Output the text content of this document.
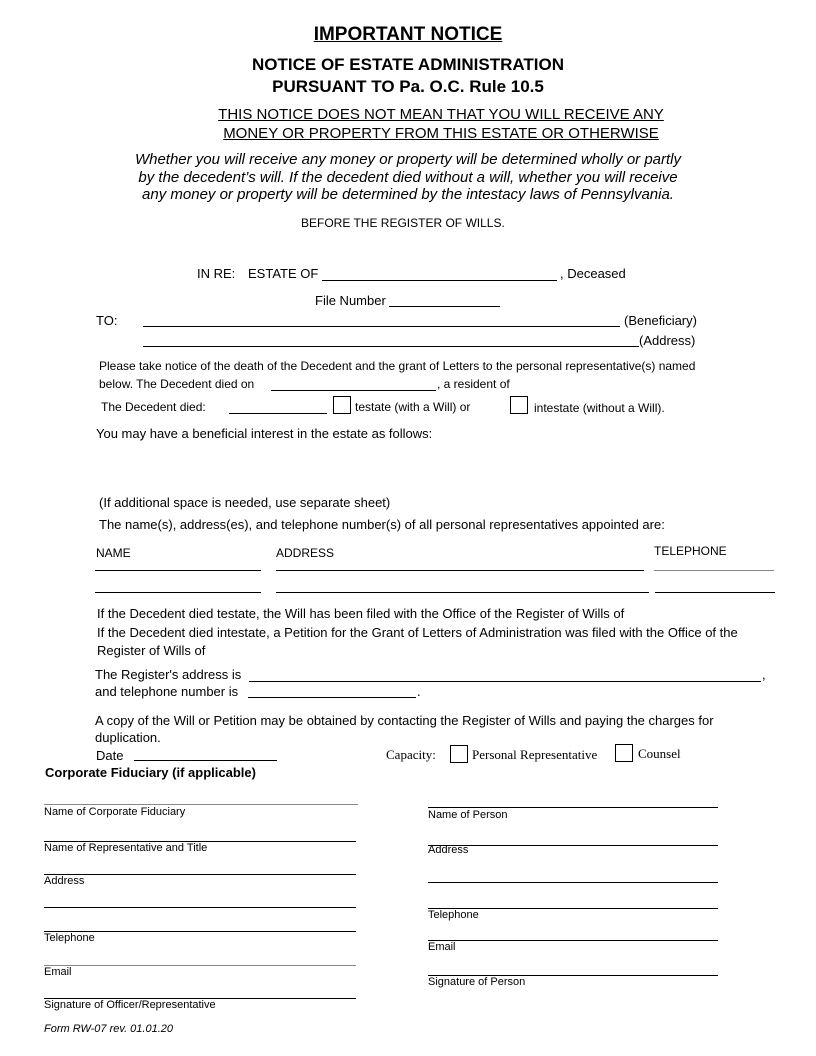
IMPORTANT NOTICE
NOTICE OF ESTATE ADMINISTRATION
PURSUANT TO Pa. O.C. Rule 10.5
THIS NOTICE DOES NOT MEAN THAT YOU WILL RECEIVE ANY
MONEY OR PROPERTY FROM THIS ESTATE OR OTHERWISE
Whether you will receive any money or property will be determined wholly or partly
by the decedent’s will. If the decedent died without a will, whether you will receive
any money or property will be determined by the intestacy laws of Pennsylvania.
BEFORE THE REGISTER OF WILLS.
IN RE: ESTATE OF	, Deceased
File Number
TO:	(Beneficiary)
(Address)
Please take notice of the death of the Decedent and the grant of Letters to the personal representative(s) named
below. The Decedent died on	, a resident of
The Decedent died:	testate (with a Will) or	intestate (without a Will).
You may have a beneficial interest in the estate as follows:
(If additional space is needed, use separate sheet)
The name(s), address(es), and telephone number(s) of all personal representatives appointed are:
NAME	ADDRESS	TELEPHONE
If the Decedent died testate, the Will has been filed with the Office of the Register of Wills of
If the Decedent died intestate, a Petition for the Grant of Letters of Administration was filed with the Office of the
Register of Wills of
The Register's address is	,
and telephone number is	.
A copy of the Will or Petition may be obtained by contacting the Register of Wills and paying the charges for
duplication.
Date	Capacity:	Personal Representative	Counsel
Corporate Fiduciary (if applicable)
Name of Corporate Fiduciary
Name of Representative and Title
Address
Telephone
Email
Signature of Officer/Representative
Name of Person
Address
Telephone
Email
Signature of Person
Form RW-07 rev. 01.01.20
